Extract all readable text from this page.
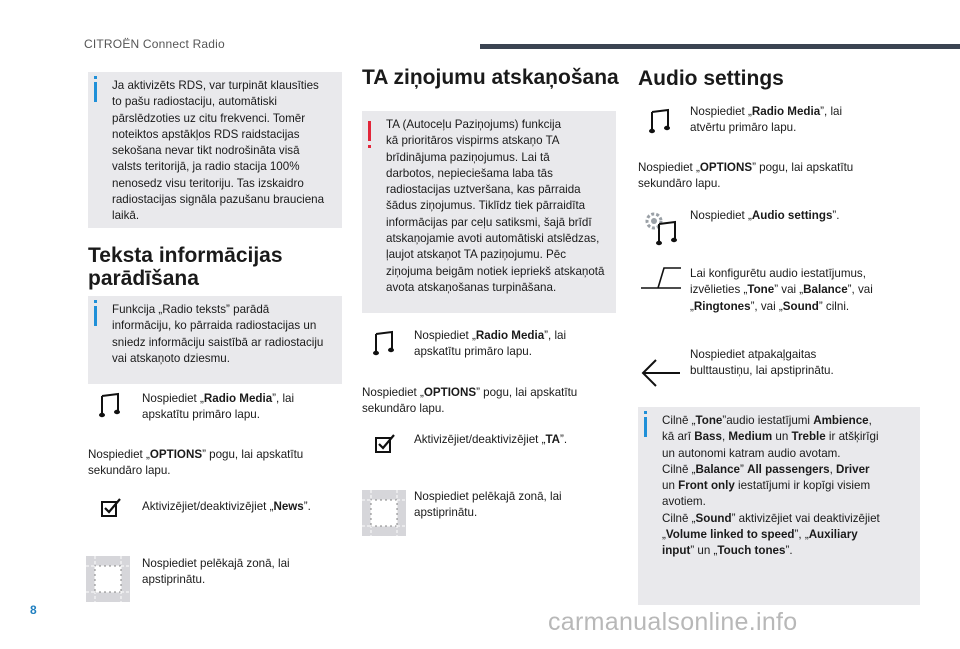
CITROËN Connect Radio

Ja aktivizēts RDS, var turpināt klausīties
to pašu radiostaciju, automātiski
pārslēdzoties uz citu frekvenci. Tomēr
noteiktos apstākļos RDS raidstacijas
sekošana nevar tikt nodrošināta visā
valsts teritorijā, ja radio stacija 100%
nenosedz visu teritoriju. Tas izskaidro
radiostacijas signāla pazušanu brauciena
laikā.

Teksta informācijas
parādīšana

Funkcija „Radio teksts” parādā
informāciju, ko pārraida radiostacijas un
sniedz informāciju saistībā ar radiostaciju
vai atskaņoto dziesmu.

Nospiediet „Radio Media”, lai
apskatītu primāro lapu.

Nospiediet „OPTIONS” pogu, lai apskatītu
sekundāro lapu.

Aktivizējiet/deaktivizējiet „News”.

Nospiediet pelēkajā zonā, lai
apstiprinātu.

TA ziņojumu atskaņošana

TA (Autoceļu Paziņojums) funkcija
kā prioritāros vispirms atskaņo TA
brīdinājuma paziņojumus. Lai tā
darbotos, nepieciešama laba tās
radiostacijas uztveršana, kas pārraida
šādus ziņojumus. Tiklīdz tiek pārraidīta
informācijas par ceļu satiksmi, šajā brīdī
atskaņojamie avoti automātiski atslēdzas,
ļaujot atskaņot TA paziņojumu. Pēc
ziņojuma beigām notiek iepriekš atskaņotā
avota atskaņošanas turpināšana.

Nospiediet „Radio Media”, lai
apskatītu primāro lapu.

Nospiediet „OPTIONS” pogu, lai apskatītu
sekundāro lapu.

Aktivizējiet/deaktivizējiet „TA”.

Nospiediet pelēkajā zonā, lai
apstiprinātu.

Audio settings

Nospiediet „Radio Media”, lai
atvērtu primāro lapu.

Nospiediet „OPTIONS” pogu, lai apskatītu
sekundāro lapu.

Nospiediet „Audio settings”.

Lai konfigurētu audio iestatījumus,
izvēlieties „Tone” vai „Balance”, vai
„Ringtones”, vai „Sound” cilni.

Nospiediet atpakaļgaitas
bulttaustiņu, lai apstiprinātu.

Cilnē „Tone”audio iestatījumi Ambience,
kā arī Bass, Medium un Treble ir atšķirīgi
un autonomi katram audio avotam.
Cilnē „Balance” All passengers, Driver
un Front only iestatījumi ir kopīgi visiem
avotiem.
Cilnē „Sound” aktivizējiet vai deaktivizējiet
„Volume linked to speed”, „Auxiliary
input” un „Touch tones”.

8	carmanualsonline.info
